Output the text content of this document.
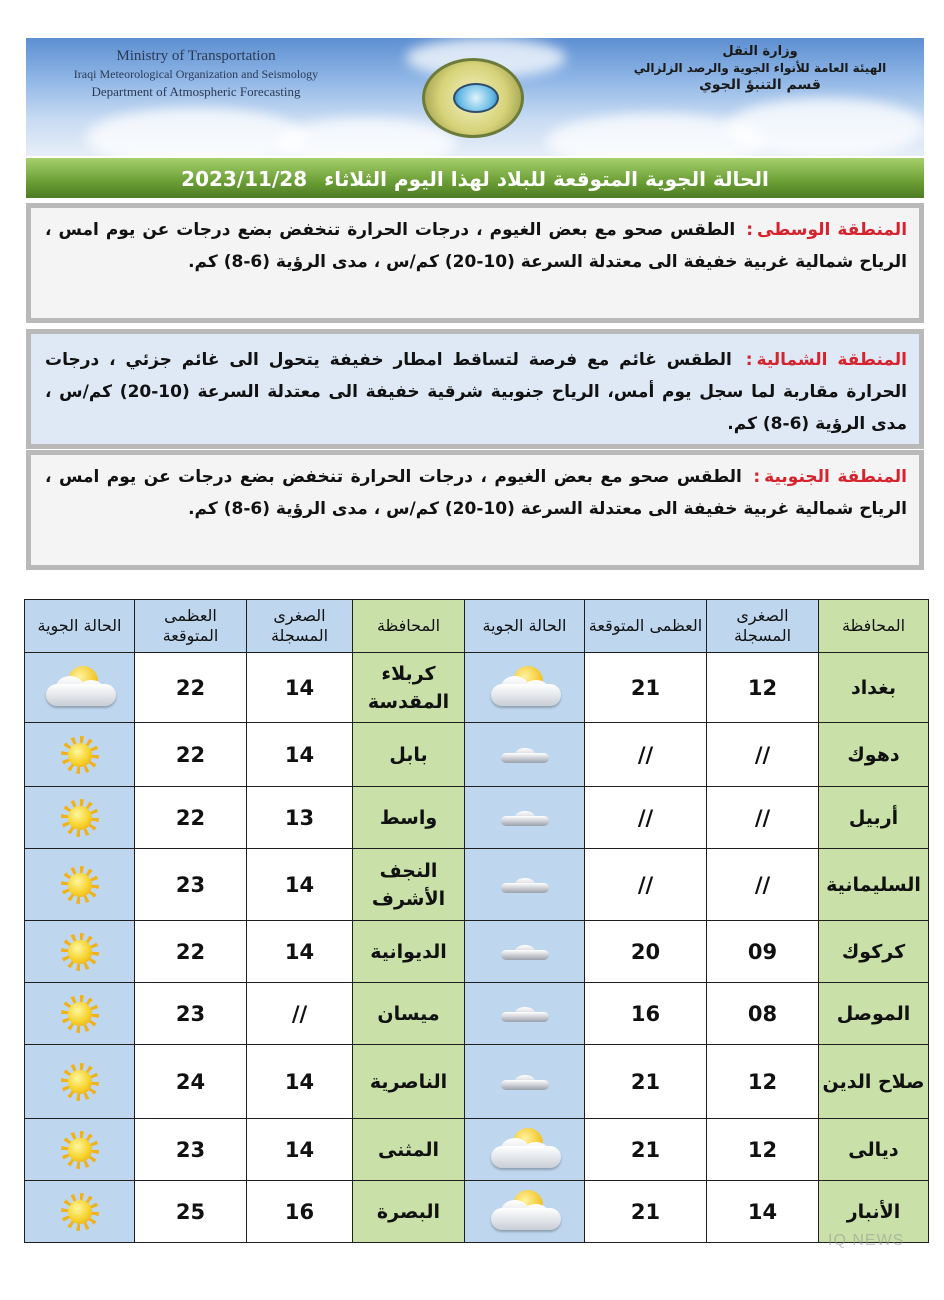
Ministry of Transportation
Iraqi Meteorological Organization and Seismology
Department of Atmospheric Forecasting
وزارة النقل
الهيئة العامة للأنواء الجوية والرصد الزلزالي
قسم التنبؤ الجوي
الحالة الجوية المتوقعة للبلاد لهذا اليوم الثلاثاء 2023/11/28
المنطقة الوسطى: الطقس صحو مع بعض الغيوم ، درجات الحرارة تنخفض بضع درجات عن يوم امس ، الرياح شمالية غربية خفيفة الى معتدلة السرعة (10-20) كم/س ، مدى الرؤية (6-8) كم.
المنطقة الشمالية: الطقس غائم مع فرصة لتساقط امطار خفيفة يتحول الى غائم جزئي ، درجات الحرارة مقاربة لما سجل يوم أمس، الرياح جنوبية شرقية خفيفة الى معتدلة السرعة (10-20) كم/س ، مدى الرؤية (6-8) كم.
المنطقة الجنوبية: الطقس صحو مع بعض الغيوم ، درجات الحرارة تنخفض بضع درجات عن يوم امس ، الرياح شمالية غربية خفيفة الى معتدلة السرعة (10-20) كم/س ، مدى الرؤية (6-8) كم.
المحافظة	الصغرى المسجلة	العظمى المتوقعة	الحالة الجوية	المحافظة	الصغرى المسجلة	العظمى المتوقعة	الحالة الجوية
بغداد	12	21		كربلاء المقدسة	14	22	

دهوك	//	//		بابل	14	22	

أربيل	//	//		واسط	13	22	

السليمانية	//	//		النجف الأشرف	14	23	

كركوك	09	20		الديوانية	14	22	

الموصل	08	16		ميسان	//	23	

صلاح الدين	12	21		الناصرية	14	24	

ديالى	12	21		المثنى	14	23	

الأنبار	14	21		البصرة	16	25	
IQ NEWS
